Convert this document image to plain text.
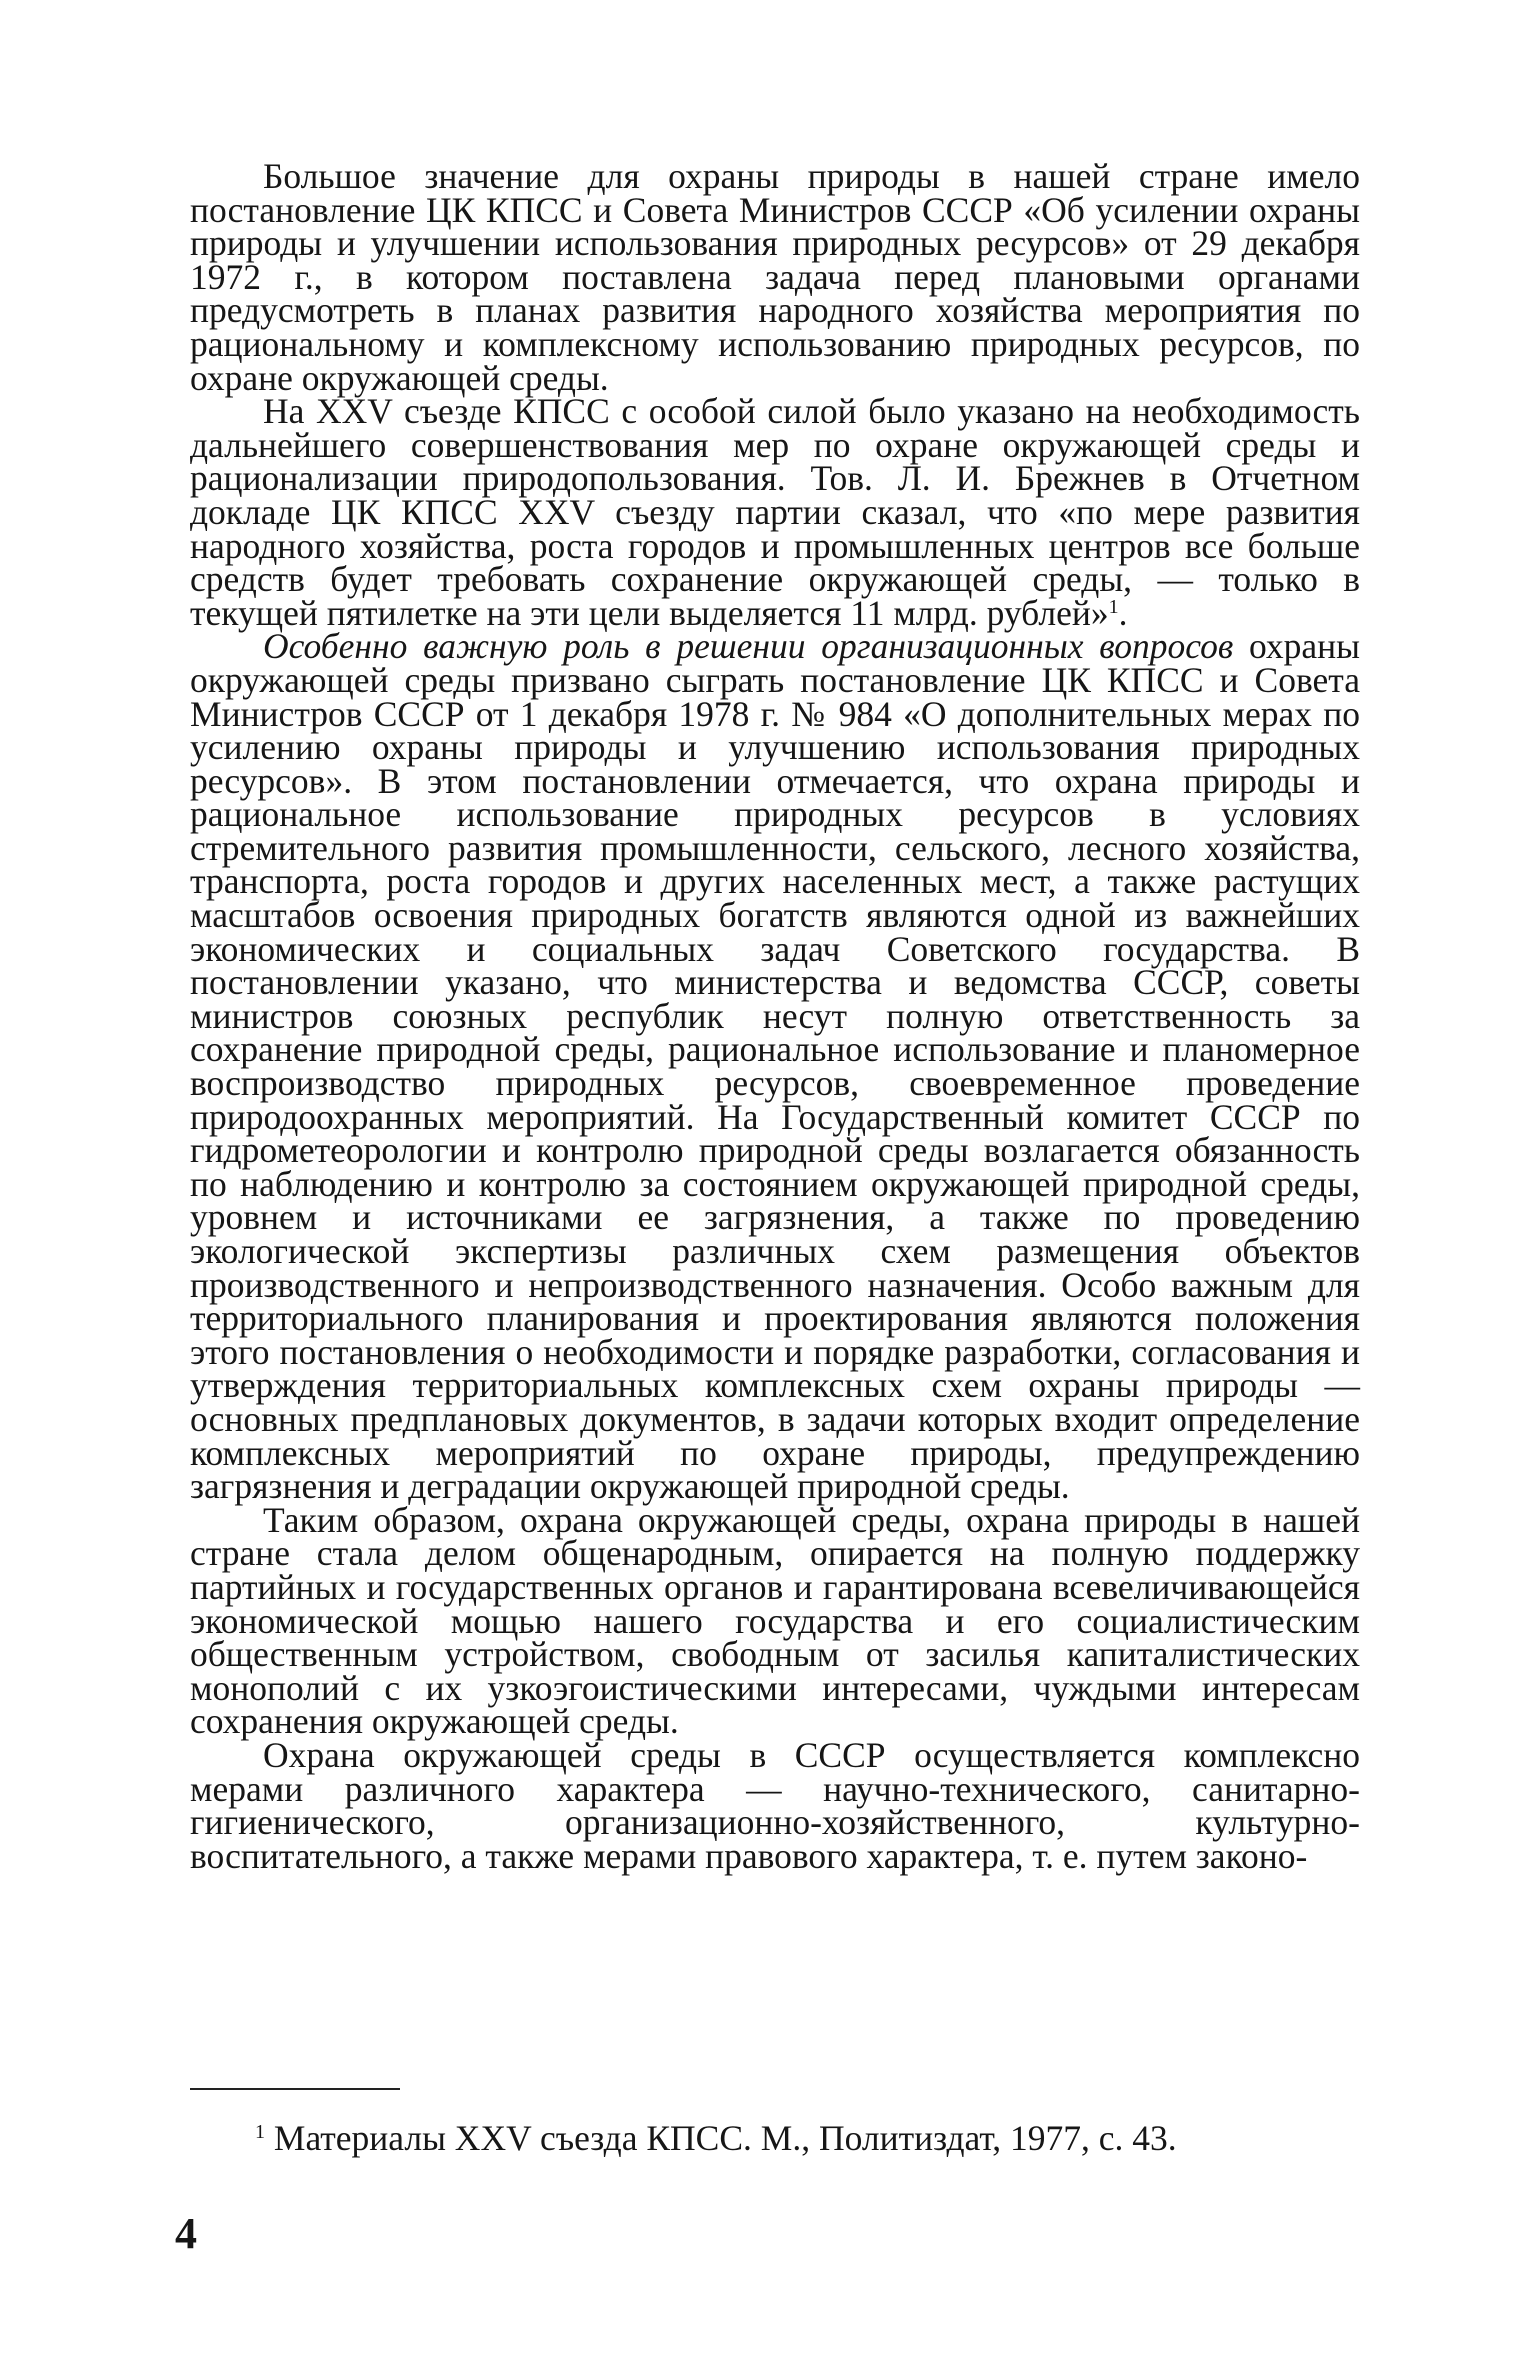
Большое значение для охраны природы в нашей стране имело постановление ЦК КПСС и Совета Министров СССР «Об усилении охраны природы и улучшении использования природных ресурсов» от 29 декабря 1972 г., в котором поставлена задача перед плановыми органами предусмотреть в планах развития народного хозяйства мероприятия по рациональному и комплексному использованию природных ресурсов, по охране окружающей среды.

На XXV съезде КПСС с особой силой было указано на необходимость дальнейшего совершенствования мер по охране окружающей среды и рационализации природопользования. Тов. Л. И. Брежнев в Отчетном докладе ЦК КПСС XXV съезду партии сказал, что «по мере развития народного хозяйства, роста городов и промышленных центров все больше средств будет требовать сохранение окружающей среды, — только в текущей пятилетке на эти цели выделяется 11 млрд. рублей»$^1$.

Особенно важную роль в решении организационных вопросов охраны окружающей среды призвано сыграть постановление ЦК КПСС и Совета Министров СССР от 1 декабря 1978 г. № 984 «О дополнительных мерах по усилению охраны природы и улучшению использования природных ресурсов». В этом постановлении отмечается, что охрана природы и рациональное использование природных ресурсов в условиях стремительного развития промышленности, сельского, лесного хозяйства, транспорта, роста городов и других населенных мест, а также растущих масштабов освоения природных богатств являются одной из важнейших экономических и социальных задач Советского государства. В постановлении указано, что министерства и ведомства СССР, советы министров союзных республик несут полную ответственность за сохранение природной среды, рациональное использование и планомерное воспроизводство природных ресурсов, своевременное проведение природоохранных мероприятий. На Государственный комитет СССР по гидрометеорологии и контролю природной среды возлагается обязанность по наблюдению и контролю за состоянием окружающей природной среды, уровнем и источниками ее загрязнения, а также по проведению экологической экспертизы различных схем размещения объектов производственного и непроизводственного назначения. Особо важным для территориального планирования и проектирования являются положения этого постановления о необходимости и порядке разработки, согласования и утверждения территориальных комплексных схем охраны природы — основных предплановых документов, в задачи которых входит определение комплексных мероприятий по охране природы, предупреждению загрязнения и деградации окружающей природной среды.

Таким образом, охрана окружающей среды, охрана природы в нашей стране стала делом общенародным, опирается на полную поддержку партийных и государственных органов и гарантирована всевеличивающейся экономической мощью нашего государства и его социалистическим общественным устройством, свободным от засилья капиталистических монополий с их узкоэгоистическими интересами, чуждыми интересам сохранения окружающей среды.

Охрана окружающей среды в СССР осуществляется комплексно мерами различного характера — научно-технического, санитарно-гигиенического, организационно-хозяйственного, культурно-воспитательного, а также мерами правового характера, т. е. путем законо-

$^1$ Материалы XXV съезда КПСС. М., Политиздат, 1977, с. 43.
4
